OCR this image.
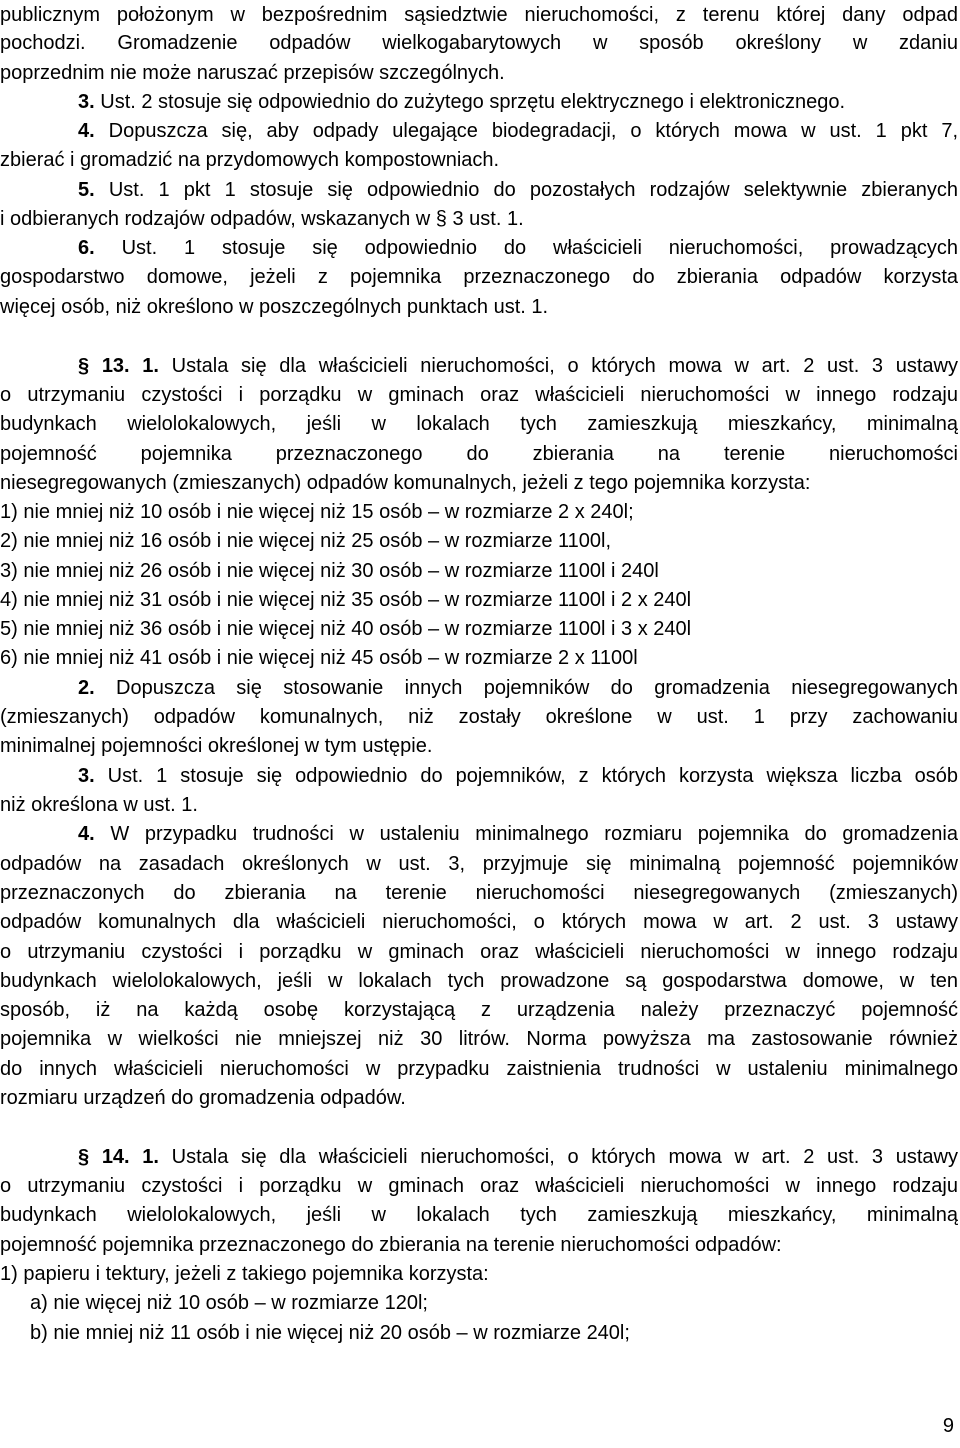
publicznym położonym w bezpośrednim sąsiedztwie nieruchomości, z terenu której dany odpad
pochodzi. Gromadzenie odpadów wielkogabarytowych w sposób określony w zdaniu
poprzednim nie może naruszać przepisów szczególnych.
3. Ust. 2 stosuje się odpowiednio do zużytego sprzętu elektrycznego i elektronicznego.
4. Dopuszcza się, aby odpady ulegające biodegradacji, o których mowa w ust. 1 pkt 7,
zbierać i gromadzić na przydomowych kompostowniach.
5. Ust. 1 pkt 1 stosuje się odpowiednio do pozostałych rodzajów selektywnie zbieranych
i odbieranych rodzajów odpadów, wskazanych w § 3 ust. 1.
6. Ust. 1 stosuje się odpowiednio do właścicieli nieruchomości, prowadzących
gospodarstwo domowe, jeżeli z pojemnika przeznaczonego do zbierania odpadów korzysta
więcej osób, niż określono w poszczególnych punktach ust. 1.
§ 13. 1. Ustala się dla właścicieli nieruchomości, o których mowa w art. 2 ust. 3 ustawy
o utrzymaniu czystości i porządku w gminach oraz właścicieli nieruchomości w innego rodzaju
budynkach wielolokalowych, jeśli w lokalach tych zamieszkują mieszkańcy, minimalną
pojemność pojemnika przeznaczonego do zbierania na terenie nieruchomości
niesegregowanych (zmieszanych) odpadów komunalnych, jeżeli z tego pojemnika korzysta:
1) nie mniej niż 10 osób i nie więcej niż 15 osób – w rozmiarze 2 x 240l;
2) nie mniej niż 16 osób i nie więcej niż 25 osób – w rozmiarze 1100l,
3) nie mniej niż 26 osób i nie więcej niż 30 osób – w rozmiarze 1100l i 240l
4) nie mniej niż 31 osób i nie więcej niż 35 osób – w rozmiarze 1100l i 2 x 240l
5) nie mniej niż 36 osób i nie więcej niż 40 osób – w rozmiarze 1100l i 3 x 240l
6) nie mniej niż 41 osób i nie więcej niż 45 osób – w rozmiarze 2 x 1100l
2. Dopuszcza się stosowanie innych pojemników do gromadzenia niesegregowanych
(zmieszanych) odpadów komunalnych, niż zostały określone w ust. 1 przy zachowaniu
minimalnej pojemności określonej w tym ustępie.
3. Ust. 1 stosuje się odpowiednio do pojemników, z których korzysta większa liczba osób
niż określona w ust. 1.
4. W przypadku trudności w ustaleniu minimalnego rozmiaru pojemnika do gromadzenia
odpadów na zasadach określonych w ust. 3, przyjmuje się minimalną pojemność pojemników
przeznaczonych do zbierania na terenie nieruchomości niesegregowanych (zmieszanych)
odpadów komunalnych dla właścicieli nieruchomości, o których mowa w art. 2 ust. 3 ustawy
o utrzymaniu czystości i porządku w gminach oraz właścicieli nieruchomości w innego rodzaju
budynkach wielolokalowych, jeśli w lokalach tych prowadzone są gospodarstwa domowe, w ten
sposób, iż na każdą osobę korzystającą z urządzenia należy przeznaczyć pojemność
pojemnika w wielkości nie mniejszej niż 30 litrów. Norma powyższa ma zastosowanie również
do innych właścicieli nieruchomości w przypadku zaistnienia trudności w ustaleniu minimalnego
rozmiaru urządzeń do gromadzenia odpadów.
§ 14. 1. Ustala się dla właścicieli nieruchomości, o których mowa w art. 2 ust. 3 ustawy
o utrzymaniu czystości i porządku w gminach oraz właścicieli nieruchomości w innego rodzaju
budynkach wielolokalowych, jeśli w lokalach tych zamieszkują mieszkańcy, minimalną
pojemność pojemnika przeznaczonego do zbierania na terenie nieruchomości odpadów:
1) papieru i tektury, jeżeli z takiego pojemnika korzysta:
a) nie więcej niż 10 osób – w rozmiarze 120l;
b) nie mniej niż 11 osób i nie więcej niż 20 osób – w rozmiarze 240l;
9
